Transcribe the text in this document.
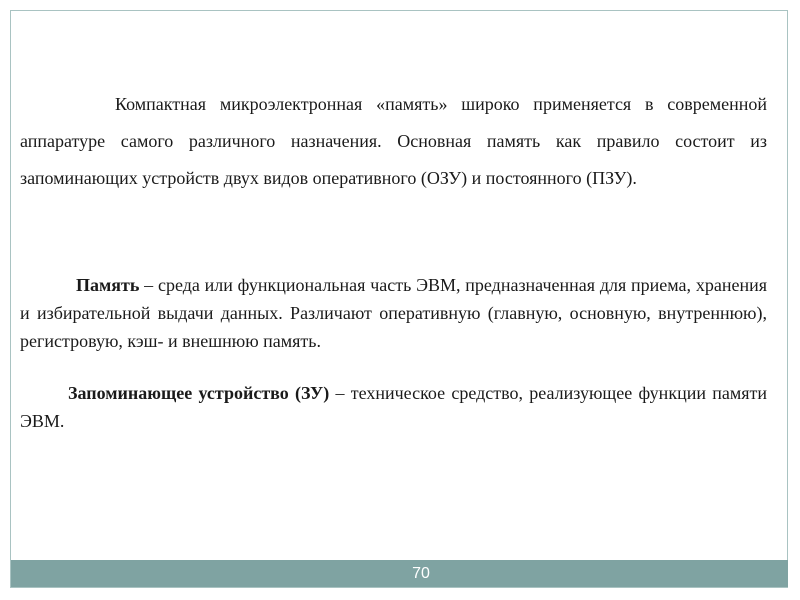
Компактная микроэлектронная «память» широко применяется в современной аппаратуре самого различного назначения. Основная память как правило состоит из запоминающих устройств двух видов оперативного (ОЗУ) и постоянного (ПЗУ).

Память – среда или функциональная часть ЭВМ, предназначенная для приема, хранения и избирательной выдачи данных. Различают оперативную (главную, основную, внутреннюю), регистровую, кэш- и внешнюю память.

Запоминающее устройство (ЗУ) – техническое средство, реализующее функции памяти ЭВМ.

70
